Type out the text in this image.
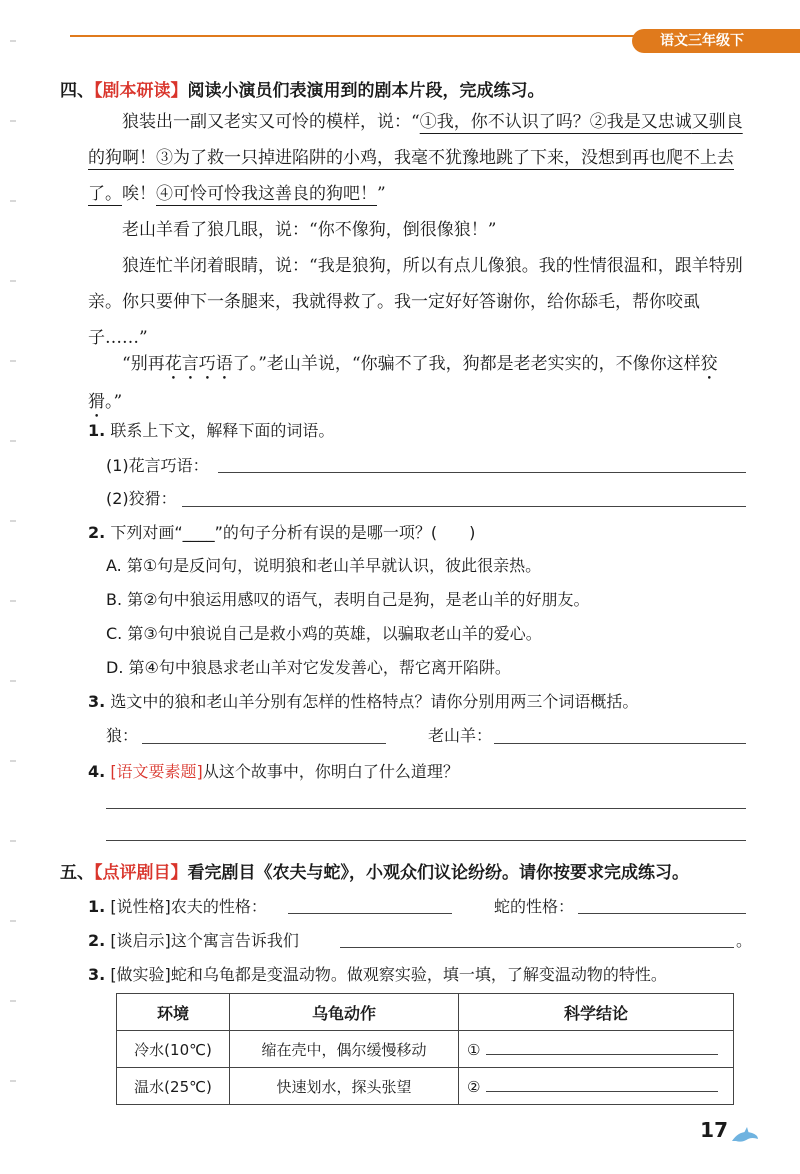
语文三年级下
四、【剧本研读】阅读小演员们表演用到的剧本片段，完成练习。
狼装出一副又老实又可怜的模样，说：“①我，你不认识了吗？②我是又忠诚又驯良的狗啊！③为了救一只掉进陷阱的小鸡，我毫不犹豫地跳了下来，没想到再也爬不上去了。唉！④可怜可怜我这善良的狗吧！”
老山羊看了狼几眼，说：“你不像狗，倒很像狼！”
狼连忙半闭着眼睛，说：“我是狼狗，所以有点儿像狼。我的性情很温和，跟羊特别亲。你只要伸下一条腿来，我就得救了。我一定好好答谢你，给你舔毛，帮你咬虱子……”
“别再花言巧语了。”老山羊说，“你骗不了我，狗都是老老实实的，不像你这样狡猾。”
1. 联系上下文，解释下面的词语。
(1)花言巧语：
(2)狡猾：
2. 下列对画“____”的句子分析有误的是哪一项？(　　)
A. 第①句是反问句，说明狼和老山羊早就认识，彼此很亲热。
B. 第②句中狼运用感叹的语气，表明自己是狗，是老山羊的好朋友。
C. 第③句中狼说自己是救小鸡的英雄，以骗取老山羊的爱心。
D. 第④句中狼恳求老山羊对它发发善心，帮它离开陷阱。
3. 选文中的狼和老山羊分别有怎样的性格特点？请你分别用两三个词语概括。
狼：	老山羊：
4. [语文要素题]从这个故事中，你明白了什么道理？
五、【点评剧目】看完剧目《农夫与蛇》，小观众们议论纷纷。请你按要求完成练习。
1. [说性格]农夫的性格：	蛇的性格：
2. [谈启示]这个寓言告诉我们	。
3. [做实验]蛇和乌龟都是变温动物。做观察实验，填一填，了解变温动物的特性。
环境	乌龟动作	科学结论
冷水(10℃)	缩在壳中，偶尔缓慢移动	①
温水(25℃)	快速划水，探头张望	②
17
